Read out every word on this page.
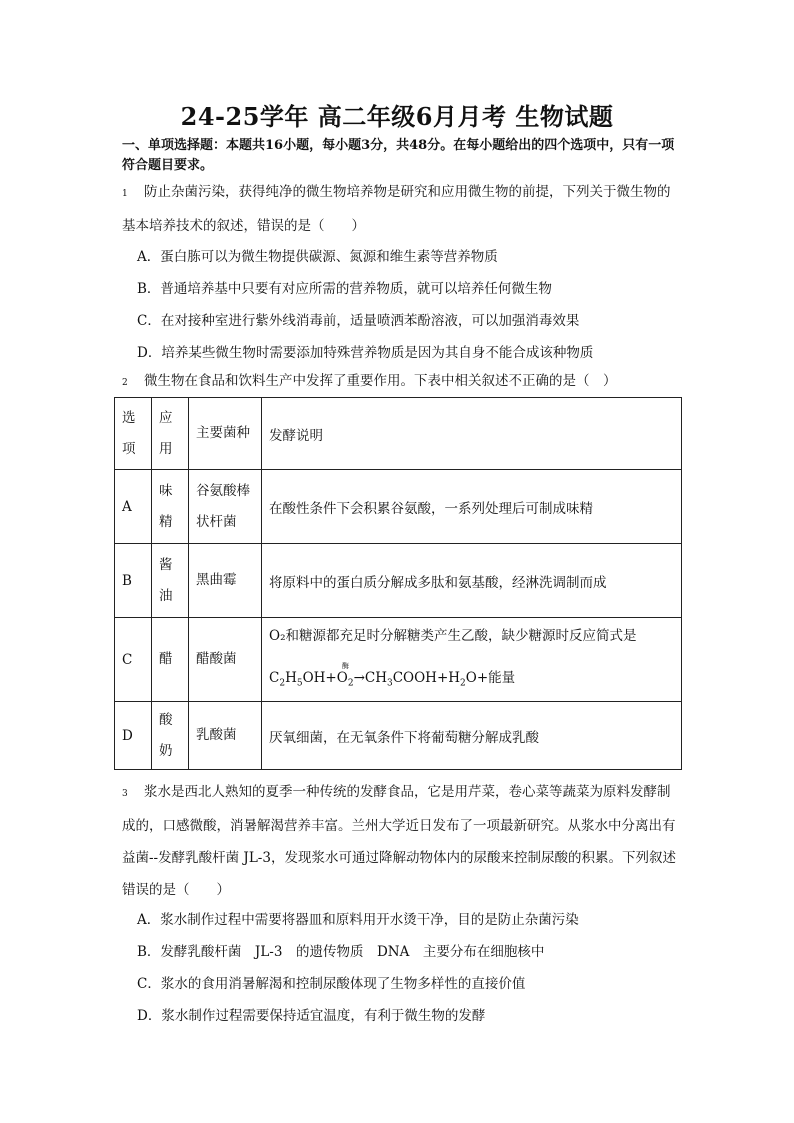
24-25学年 高二年级6月月考 生物试题
一、单项选择题：本题共16小题，每小题3分，共48分。在每小题给出的四个选项中，只有一项符合题目要求。
1 防止杂菌污染，获得纯净的微生物培养物是研究和应用微生物的前提，下列关于微生物的基本培养技术的叙述，错误的是（　　）
A．蛋白胨可以为微生物提供碳源、氮源和维生素等营养物质
B．普通培养基中只要有对应所需的营养物质，就可以培养任何微生物
C．在对接种室进行紫外线消毒前，适量喷洒苯酚溶液，可以加强消毒效果
D．培养某些微生物时需要添加特殊营养物质是因为其自身不能合成该种物质
2 微生物在食品和饮料生产中发挥了重要作用。下表中相关叙述不正确的是（　）
选项	应用	主要菌种	发酵说明
A	味精	谷氨酸棒状杆菌	在酸性条件下会积累谷氨酸，一系列处理后可制成味精
B	酱油	黑曲霉	将原料中的蛋白质分解成多肽和氨基酸，经淋洗调制而成
C	醋	醋酸菌	O₂和糖源都充足时分解糖类产生乙酸，缺少糖源时反应简式是
酶
$C_2H_5OH+O_2\to CH_3COOH+H_2O+$能量
D	酸奶	乳酸菌	厌氧细菌，在无氧条件下将葡萄糖分解成乳酸
3 浆水是西北人熟知的夏季一种传统的发酵食品，它是用芹菜，卷心菜等蔬菜为原料发酵制成的，口感微酸，消暑解渴营养丰富。兰州大学近日发布了一项最新研究。从浆水中分离出有益菌--发酵乳酸杆菌 JL-3，发现浆水可通过降解动物体内的尿酸来控制尿酸的积累。下列叙述错误的是（　　）
A．浆水制作过程中需要将器皿和原料用开水烫干净，目的是防止杂菌污染
B．发酵乳酸杆菌　JL-3　的遗传物质　DNA　主要分布在细胞核中
C．浆水的食用消暑解渴和控制尿酸体现了生物多样性的直接价值
D．浆水制作过程需要保持适宜温度，有利于微生物的发酵
